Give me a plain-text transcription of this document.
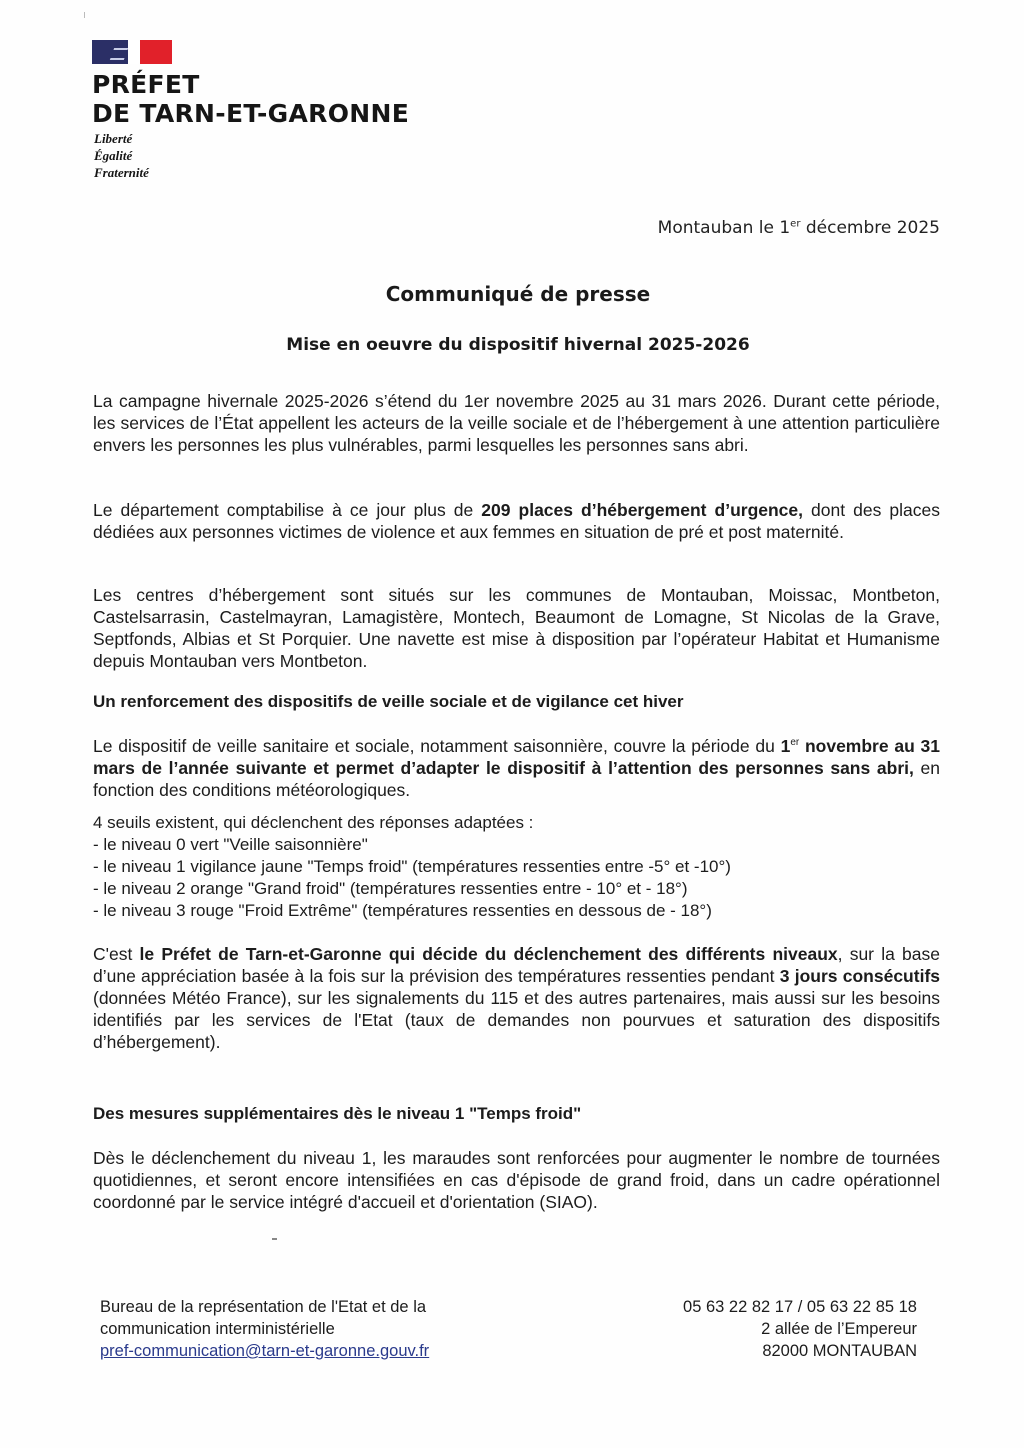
PRÉFET
DE TARN-ET-GARONNE
Liberté
Égalité
Fraternité
Montauban le 1er décembre 2025
Communiqué de presse
Mise en oeuvre du dispositif hivernal 2025-2026
La campagne hivernale 2025-2026 s’étend du 1er novembre 2025 au 31 mars 2026. Durant cette période, les services de l’État appellent les acteurs de la veille sociale et de l’hébergement à une attention particulière envers les personnes les plus vulnérables, parmi lesquelles les personnes sans abri.
Le département comptabilise à ce jour plus de 209 places d’hébergement d’urgence, dont des places dédiées aux personnes victimes de violence et aux femmes en situation de pré et post maternité.
Les centres d’hébergement sont situés sur les communes de Montauban, Moissac, Montbeton, Castelsarrasin, Castelmayran, Lamagistère, Montech, Beaumont de Lomagne, St Nicolas de la Grave, Septfonds, Albias et St Porquier. Une navette est mise à disposition par l’opérateur Habitat et Humanisme depuis Montauban vers Montbeton.
Un renforcement des dispositifs de veille sociale et de vigilance cet hiver
Le dispositif de veille sanitaire et sociale, notamment saisonnière, couvre la période du 1er novembre au 31 mars de l’année suivante et permet d’adapter le dispositif à l’attention des personnes sans abri, en fonction des conditions météorologiques.
4 seuils existent, qui déclenchent des réponses adaptées :
- le niveau 0 vert "Veille saisonnière"
- le niveau 1 vigilance jaune "Temps froid" (températures ressenties entre -5° et -10°)
- le niveau 2 orange "Grand froid" (températures ressenties entre - 10° et - 18°)
- le niveau 3 rouge "Froid Extrême" (températures ressenties en dessous de - 18°)
C'est le Préfet de Tarn-et-Garonne qui décide du déclenchement des différents niveaux, sur la base d’une appréciation basée à la fois sur la prévision des températures ressenties pendant 3 jours consécutifs (données Météo France), sur les signalements du 115 et des autres partenaires, mais aussi sur les besoins identifiés par les services de l'Etat (taux de demandes non pourvues et saturation des dispositifs d’hébergement).
Des mesures supplémentaires dès le niveau 1 "Temps froid"
Dès le déclenchement du niveau 1, les maraudes sont renforcées pour augmenter le nombre de tournées quotidiennes, et seront encore intensifiées en cas d'épisode de grand froid, dans un cadre opérationnel coordonné par le service intégré d'accueil et d'orientation (SIAO).
Bureau de la représentation de l'Etat et de la
communication interministérielle
pref-communication@tarn-et-garonne.gouv.fr
05 63 22 82 17 / 05 63 22 85 18
2 allée de l’Empereur
82000 MONTAUBAN
